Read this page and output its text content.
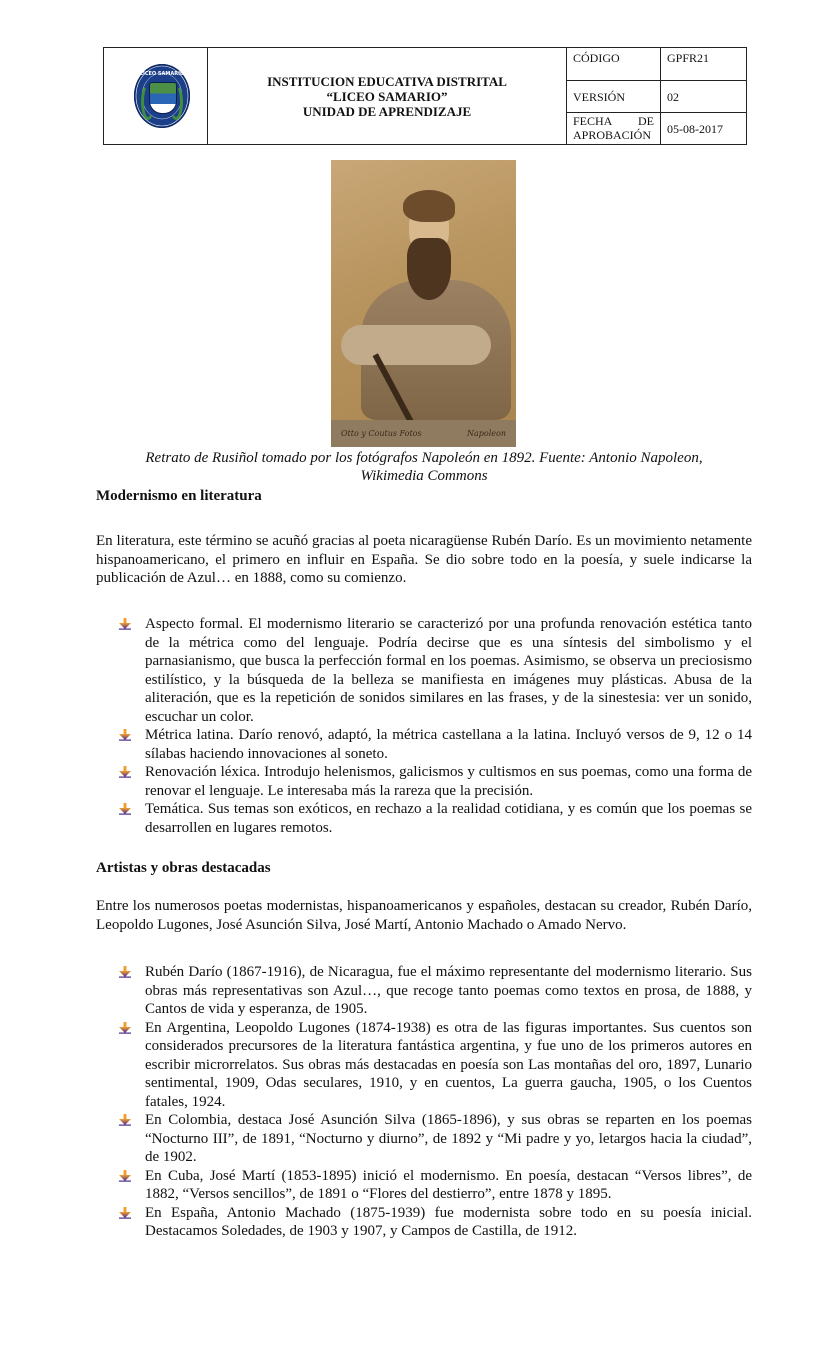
LICEO SAMARIO	INSTITUCION EDUCATIVA DISTRITAL
“LICEO SAMARIO”
UNIDAD DE APRENDIZAJE
CÓDIGO	GPFR21
VERSIÓN	02
FECHA DE
APROBACIÓN	05-08-2017
Otto y Coutus Fotos	Napoleon
Retrato de Rusiñol tomado por los fotógrafos Napoleón en 1892. Fuente: Antonio Napoleon,
Wikimedia Commons
Modernismo en literatura
En literatura, este término se acuñó gracias al poeta nicaragüense Rubén Darío. Es un movimiento netamente hispanoamericano, el primero en influir en España. Se dio sobre todo en la poesía, y suele indicarse la publicación de Azul… en 1888, como su comienzo.
Aspecto formal. El modernismo literario se caracterizó por una profunda renovación estética tanto de la métrica como del lenguaje. Podría decirse que es una síntesis del simbolismo y el parnasianismo, que busca la perfección formal en los poemas. Asimismo, se observa un preciosismo estilístico, y la búsqueda de la belleza se manifiesta en imágenes muy plásticas. Abusa de la aliteración, que es la repetición de sonidos similares en las frases, y de la sinestesia: ver un sonido, escuchar un color.
Métrica latina. Darío renovó, adaptó, la métrica castellana a la latina. Incluyó versos de 9, 12 o 14 sílabas haciendo innovaciones al soneto.
Renovación léxica. Introdujo helenismos, galicismos y cultismos en sus poemas, como una forma de renovar el lenguaje. Le interesaba más la rareza que la precisión.
Temática. Sus temas son exóticos, en rechazo a la realidad cotidiana, y es común que los poemas se desarrollen en lugares remotos.
Artistas y obras destacadas
Entre los numerosos poetas modernistas, hispanoamericanos y españoles, destacan su creador, Rubén Darío, Leopoldo Lugones, José Asunción Silva, José Martí, Antonio Machado o Amado Nervo.
Rubén Darío (1867-1916), de Nicaragua, fue el máximo representante del modernismo literario. Sus obras más representativas son Azul…, que recoge tanto poemas como textos en prosa, de 1888, y Cantos de vida y esperanza, de 1905.
En Argentina, Leopoldo Lugones (1874-1938) es otra de las figuras importantes. Sus cuentos son considerados precursores de la literatura fantástica argentina, y fue uno de los primeros autores en escribir microrrelatos. Sus obras más destacadas en poesía son Las montañas del oro, 1897, Lunario sentimental, 1909, Odas seculares, 1910, y en cuentos, La guerra gaucha, 1905, o los Cuentos fatales, 1924.
En Colombia, destaca José Asunción Silva (1865-1896), y sus obras se reparten en los poemas “Nocturno III”, de 1891, “Nocturno y diurno”, de 1892 y “Mi padre y yo, letargos hacia la ciudad”, de 1902.
En Cuba, José Martí (1853-1895) inició el modernismo. En poesía, destacan “Versos libres”, de 1882, “Versos sencillos”, de 1891 o “Flores del destierro”, entre 1878 y 1895.
En España, Antonio Machado (1875-1939) fue modernista sobre todo en su poesía inicial. Destacamos Soledades, de 1903 y 1907, y Campos de Castilla, de 1912.
